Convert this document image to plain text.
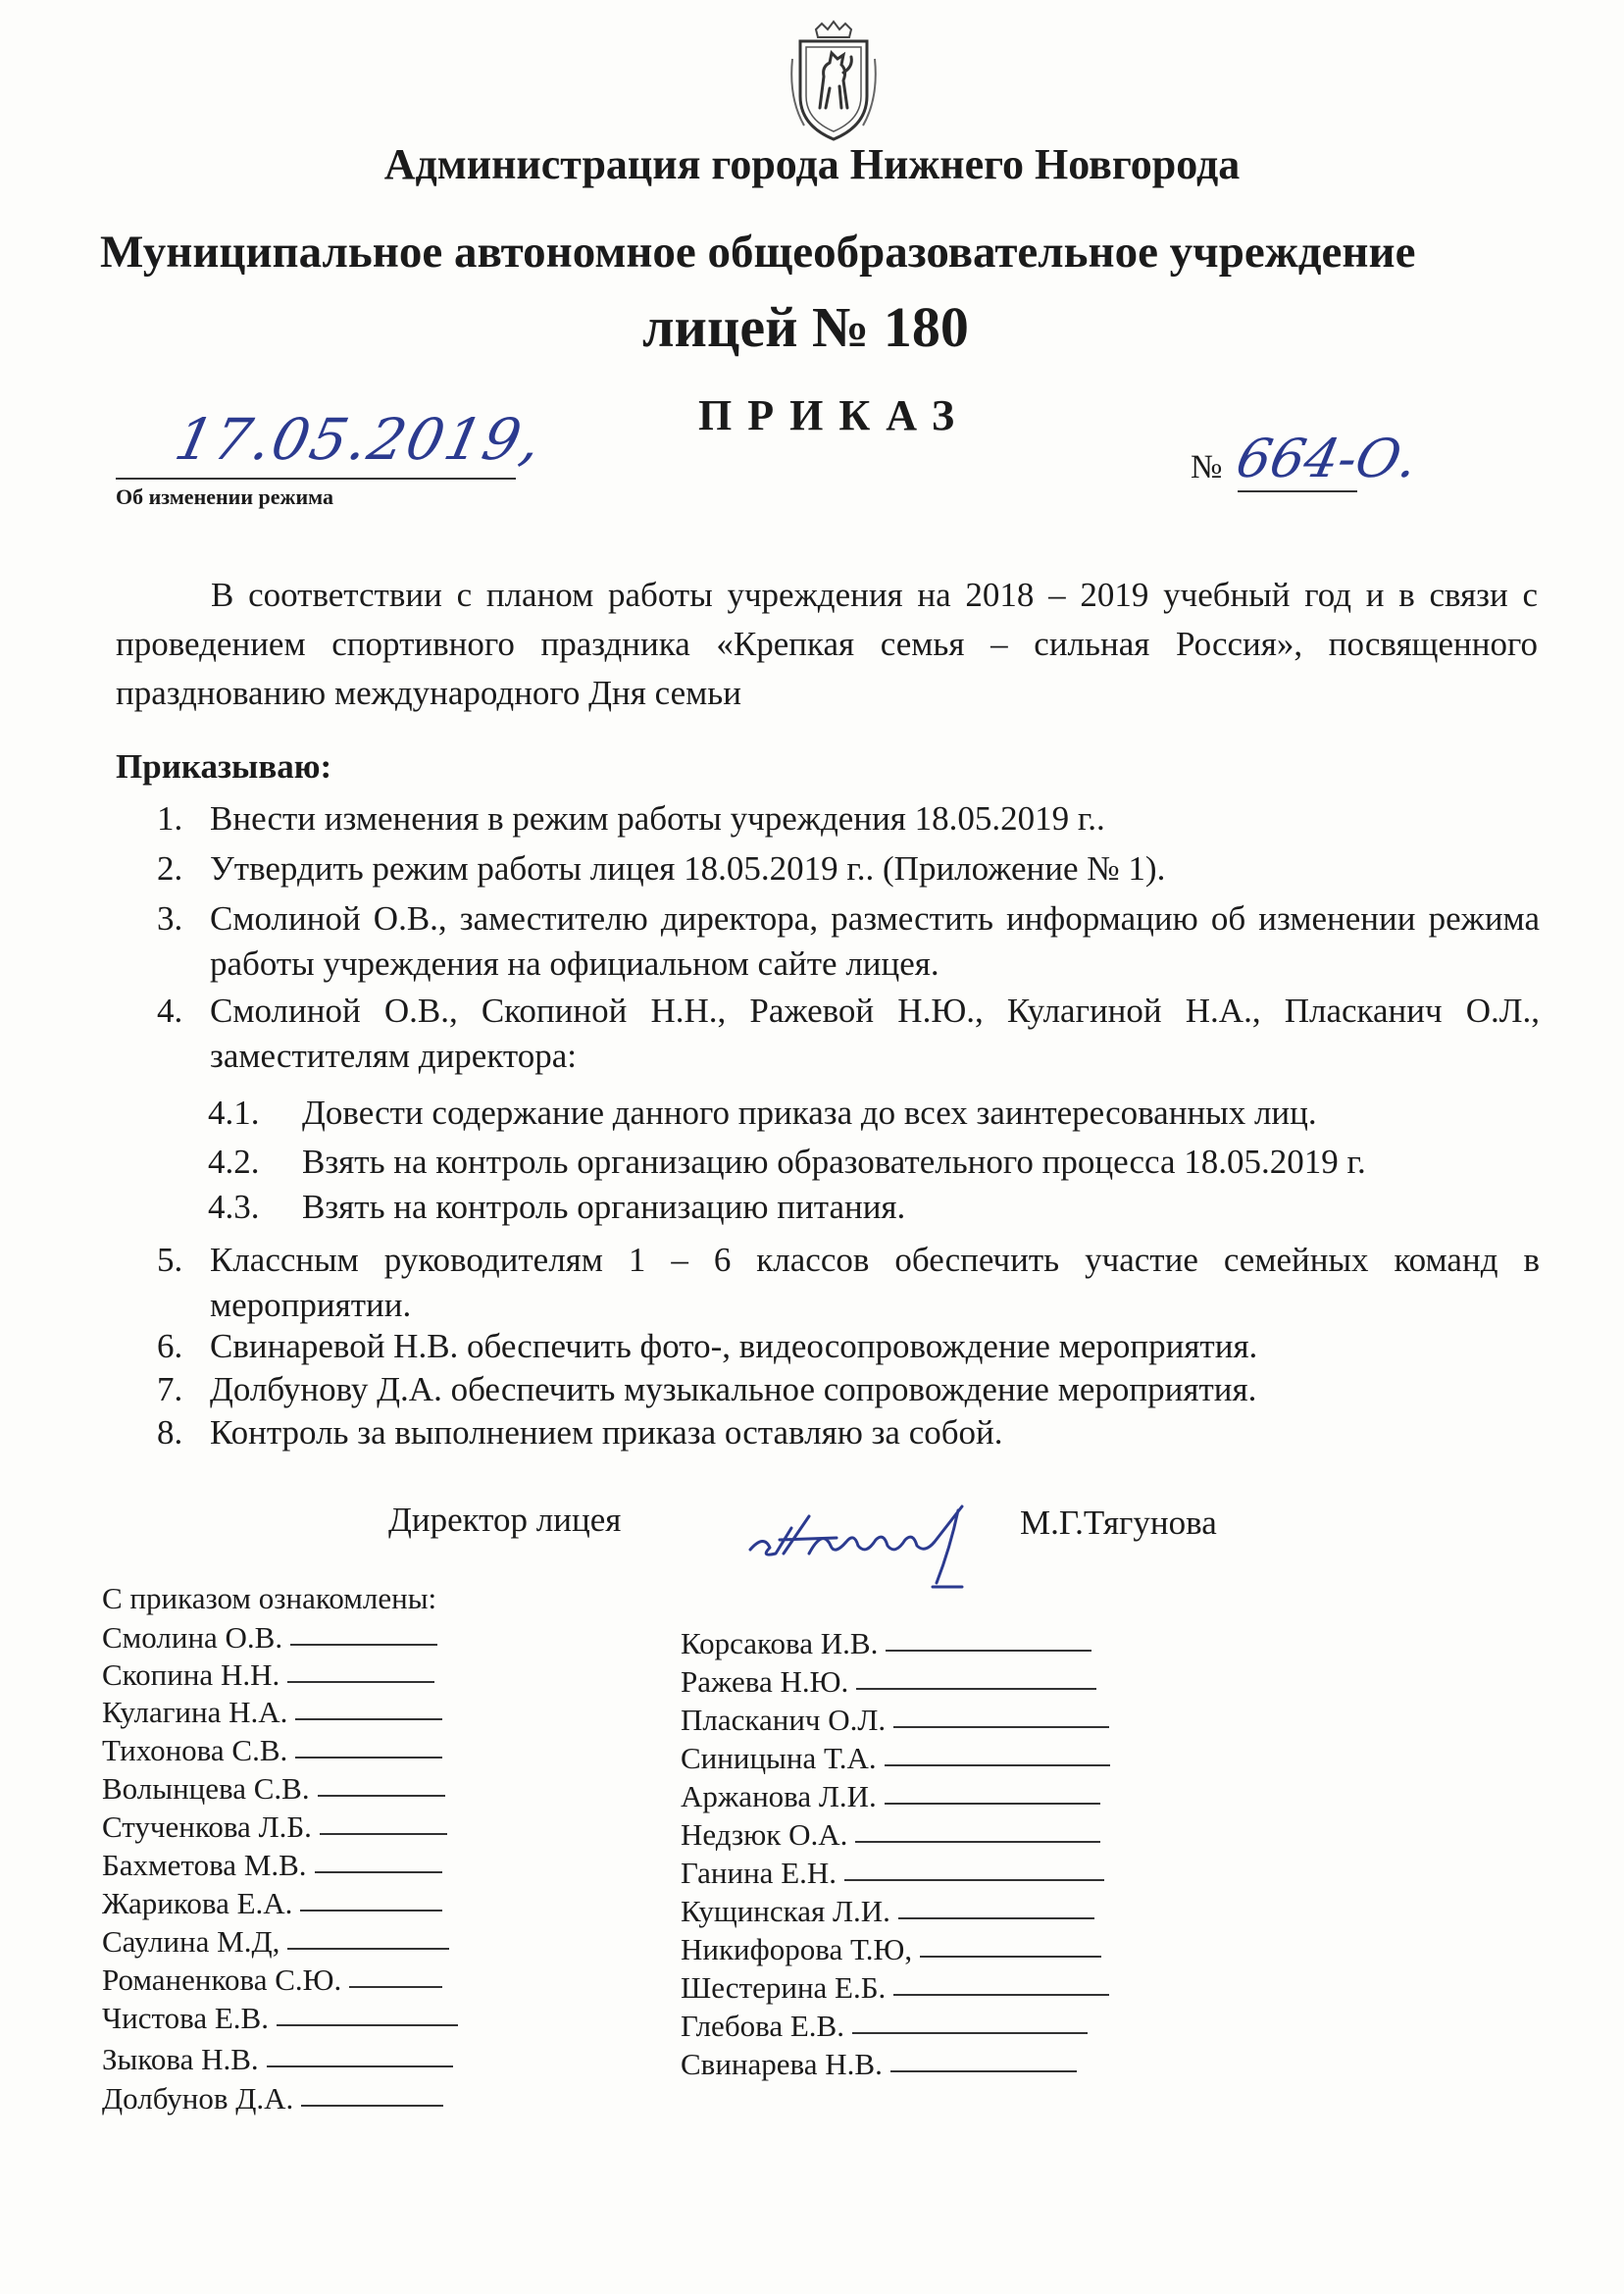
Администрация города Нижнего Новгорода
Муниципальное автономное общеобразовательное учреждение
лицей № 180
ПРИКАЗ
17.05.2019,
Об изменении режима
№ 664-О.
В соответствии с планом работы учреждения на 2018 – 2019 учебный год и в связи с проведением спортивного праздника «Крепкая семья – сильная Россия», посвященного празднованию международного Дня семьи
Приказываю:
1. Внести изменения в режим работы учреждения 18.05.2019 г..
2. Утвердить режим работы лицея 18.05.2019 г.. (Приложение № 1).
3. Смолиной О.В., заместителю директора, разместить информацию об изменении режима работы учреждения на официальном сайте лицея.
4. Смолиной О.В., Скопиной Н.Н., Ражевой Н.Ю., Кулагиной Н.А., Пласканич О.Л., заместителям директора:
4.1. Довести содержание данного приказа до всех заинтересованных лиц.
4.2. Взять на контроль организацию образовательного процесса 18.05.2019 г.
4.3. Взять на контроль организацию питания.
5. Классным руководителям 1 – 6 классов обеспечить участие семейных команд в мероприятии.
6. Свинаревой Н.В. обеспечить фото-, видеосопровождение мероприятия.
7. Долбунову Д.А. обеспечить музыкальное сопровождение мероприятия.
8. Контроль за выполнением приказа оставляю за собой.
Директор лицея	М.Г.Тягунова
С приказом ознакомлены:
Смолина О.В.
Скопина Н.Н.
Кулагина Н.А.
Тихонова С.В.
Волынцева С.В.
Стученкова Л.Б.
Бахметова М.В.
Жарикова Е.А.
Саулина М.Д,
Романенкова С.Ю.
Чистова Е.В.
Зыкова Н.В.
Долбунов Д.А.
Корсакова И.В.
Ражева Н.Ю.
Пласканич О.Л.
Синицына Т.А.
Аржанова Л.И.
Недзюк О.А.
Ганина Е.Н.
Кущинская Л.И.
Никифорова Т.Ю,
Шестерина Е.Б.
Глебова Е.В.
Свинарева Н.В.
